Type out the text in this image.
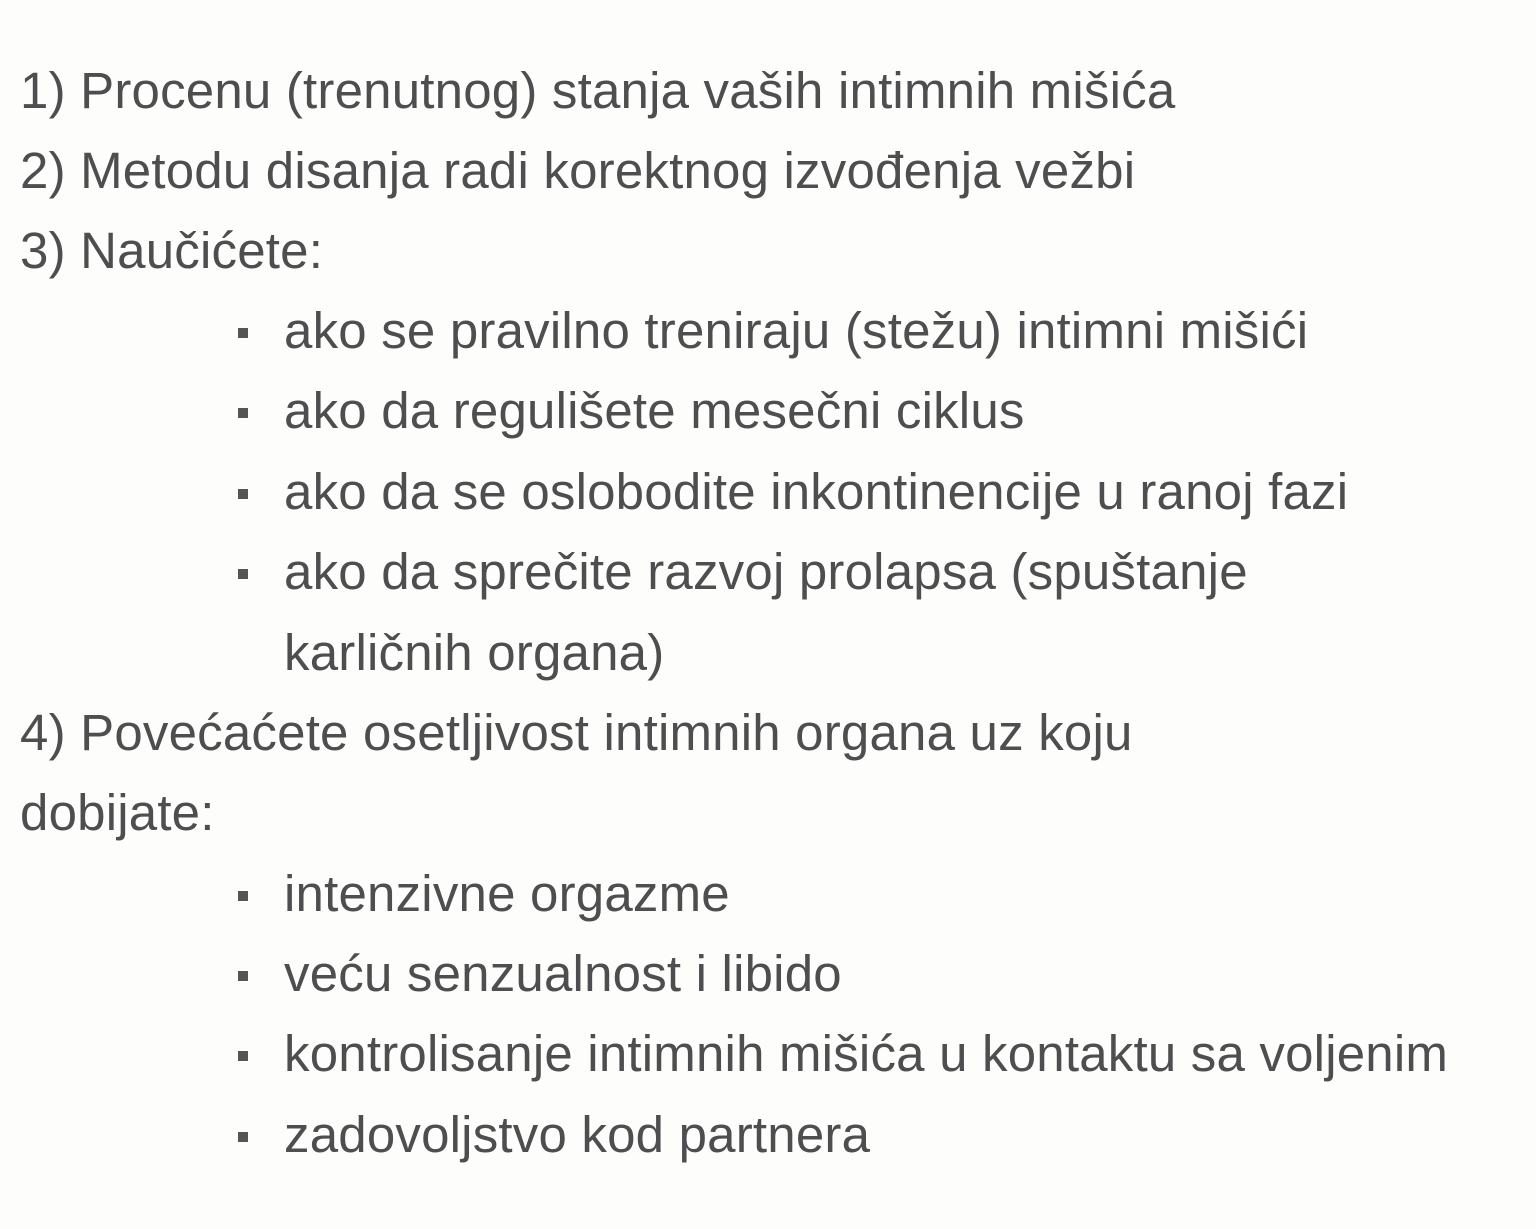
1) Procenu (trenutnog) stanja vaših intimnih mišića
2) Metodu disanja radi korektnog izvođenja vežbi
3) Naučićete:
ako se pravilno treniraju (stežu) intimni mišići
ako da regulišete mesečni ciklus
ako da se oslobodite inkontinencije u ranoj fazi
ako da sprečite razvoj prolapsa (spuštanje
karličnih organa)
4) Povećaćete osetljivost intimnih organa uz koju
dobijate:
intenzivne orgazme
veću senzualnost i libido
kontrolisanje intimnih mišića u kontaktu sa voljenim
zadovoljstvo kod partnera
